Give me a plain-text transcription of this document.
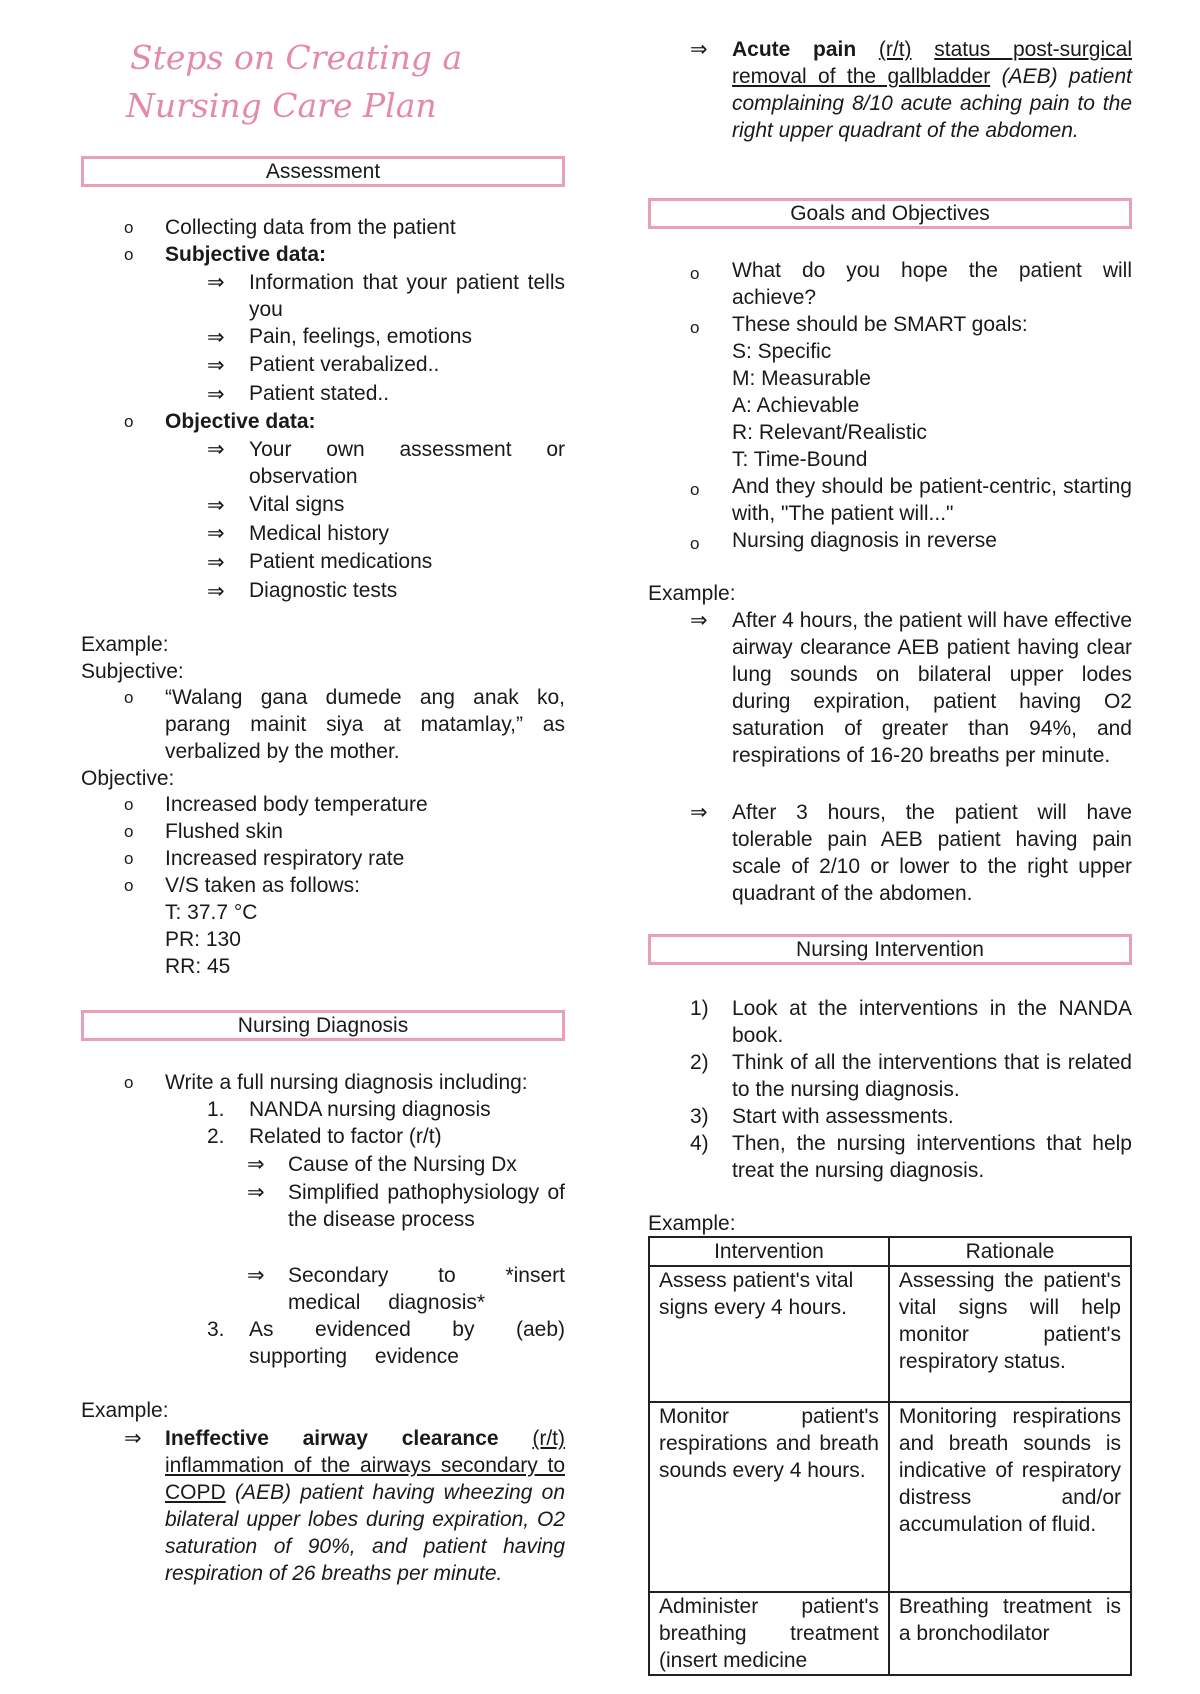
Steps on Creating a
Nursing Care Plan
Assessment
o Collecting data from the patient
o Subjective data:
⇒ Information that your patient tells you
⇒ Pain, feelings, emotions
⇒ Patient verabalized..
⇒ Patient stated..
o Objective data:
⇒ Your own assessment or observation
⇒ Vital signs
⇒ Medical history
⇒ Patient medications
⇒ Diagnostic tests
Example:
Subjective:
o “Walang gana dumede ang anak ko, parang mainit siya at matamlay,” as verbalized by the mother.
Objective:
o Increased body temperature
o Flushed skin
o Increased respiratory rate
o V/S taken as follows:
T: 37.7 °C
PR: 130
RR: 45
Nursing Diagnosis
o Write a full nursing diagnosis including:
1. NANDA nursing diagnosis
2. Related to factor (r/t)
⇒ Cause of the Nursing Dx
⇒ Simplified pathophysiology of the disease process
⇒ Secondary to *insert medical diagnosis*
3. As evidenced by (aeb) supporting evidence
Example:
⇒ Ineffective airway clearance (r/t) inflammation of the airways secondary to COPD (AEB) patient having wheezing on bilateral upper lobes during expiration, O2 saturation of 90%, and patient having respiration of 26 breaths per minute.
⇒ Acute pain (r/t) status post-surgical removal of the gallbladder (AEB) patient complaining 8/10 acute aching pain to the right upper quadrant of the abdomen.
Goals and Objectives
o What do you hope the patient will achieve?
o These should be SMART goals:
S: Specific
M: Measurable
A: Achievable
R: Relevant/Realistic
T: Time-Bound
o And they should be patient-centric, starting with, "The patient will..."
o Nursing diagnosis in reverse
Example:
⇒ After 4 hours, the patient will have effective airway clearance AEB patient having clear lung sounds on bilateral upper lodes during expiration, patient having O2 saturation of greater than 94%, and respirations of 16-20 breaths per minute.
⇒ After 3 hours, the patient will have tolerable pain AEB patient having pain scale of 2/10 or lower to the right upper quadrant of the abdomen.
Nursing Intervention
1) Look at the interventions in the NANDA book.
2) Think of all the interventions that is related to the nursing diagnosis.
3) Start with assessments.
4) Then, the nursing interventions that help treat the nursing diagnosis.
Example:
Intervention	Rationale
Assess patient's vital signs every 4 hours.	Assessing the patient's vital signs will help monitor patient's respiratory status.
Monitor patient's respirations and breath sounds every 4 hours.	Monitoring respirations and breath sounds is indicative of respiratory distress and/or accumulation of fluid.
Administer patient's breathing treatment (insert medicine	Breathing treatment is a bronchodilator
